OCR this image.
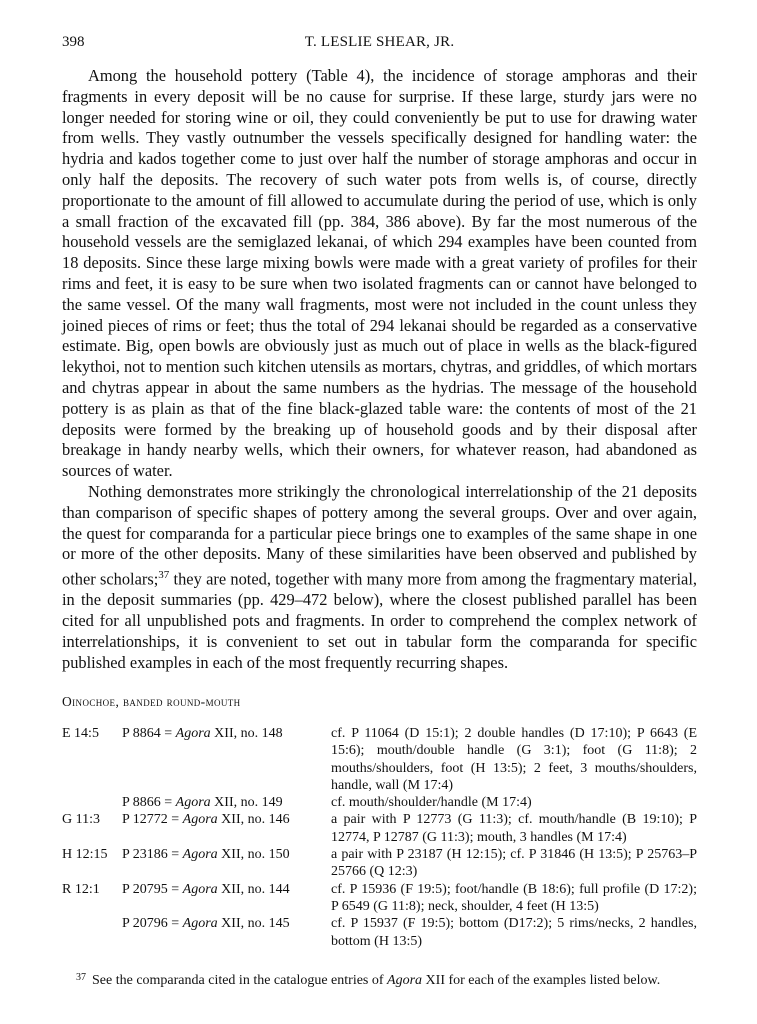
398	T. LESLIE SHEAR, JR.

Among the household pottery (Table 4), the incidence of storage amphoras and their fragments in every deposit will be no cause for surprise. If these large, sturdy jars were no longer needed for storing wine or oil, they could conveniently be put to use for drawing water from wells. They vastly outnumber the vessels specifically designed for handling water: the hydria and kados together come to just over half the number of storage amphoras and occur in only half the deposits. The recovery of such water pots from wells is, of course, directly proportionate to the amount of fill allowed to accumulate during the period of use, which is only a small fraction of the excavated fill (pp. 384, 386 above). By far the most numerous of the household vessels are the semiglazed lekanai, of which 294 examples have been counted from 18 deposits. Since these large mixing bowls were made with a great variety of profiles for their rims and feet, it is easy to be sure when two isolated fragments can or cannot have belonged to the same vessel. Of the many wall fragments, most were not included in the count unless they joined pieces of rims or feet; thus the total of 294 lekanai should be regarded as a conservative estimate. Big, open bowls are obviously just as much out of place in wells as the black-figured lekythoi, not to mention such kitchen utensils as mortars, chytras, and griddles, of which mortars and chytras appear in about the same numbers as the hydrias. The message of the household pottery is as plain as that of the fine black-glazed table ware: the contents of most of the 21 deposits were formed by the breaking up of household goods and by their disposal after breakage in handy nearby wells, which their owners, for whatever reason, had abandoned as sources of water.

Nothing demonstrates more strikingly the chronological interrelationship of the 21 deposits than comparison of specific shapes of pottery among the several groups. Over and over again, the quest for comparanda for a particular piece brings one to examples of the same shape in one or more of the other deposits. Many of these similarities have been observed and published by other scholars;$^{37}$ they are noted, together with many more from among the fragmentary material, in the deposit summaries (pp. 429–472 below), where the closest published parallel has been cited for all unpublished pots and fragments. In order to comprehend the complex network of interrelationships, it is convenient to set out in tabular form the comparanda for specific published examples in each of the most frequently recurring shapes.

Oinochoe, banded round-mouth
E 14:5	P 8864 = Agora XII, no. 148	cf. P 11064 (D 15:1); 2 double handles (D 17:10); P 6643 (E 15:6); mouth/double handle (G 3:1); foot (G 11:8); 2 mouths/shoulders, foot (H 13:5); 2 feet, 3 mouths/shoulders, handle, wall (M 17:4)
P 8866 = Agora XII, no. 149	cf. mouth/shoulder/handle (M 17:4)
G 11:3	P 12772 = Agora XII, no. 146	a pair with P 12773 (G 11:3); cf. mouth/handle (B 19:10); P 12774, P 12787 (G 11:3); mouth, 3 handles (M 17:4)
H 12:15	P 23186 = Agora XII, no. 150	a pair with P 23187 (H 12:15); cf. P 31846 (H 13:5); P 25763–P 25766 (Q 12:3)
R 12:1	P 20795 = Agora XII, no. 144	cf. P 15936 (F 19:5); foot/handle (B 18:6); full profile (D 17:2); P 6549 (G 11:8); neck, shoulder, 4 feet (H 13:5)
P 20796 = Agora XII, no. 145	cf. P 15937 (F 19:5); bottom (D17:2); 5 rims/necks, 2 handles, bottom (H 13:5)
$^{37}$ See the comparanda cited in the catalogue entries of Agora XII for each of the examples listed below.
